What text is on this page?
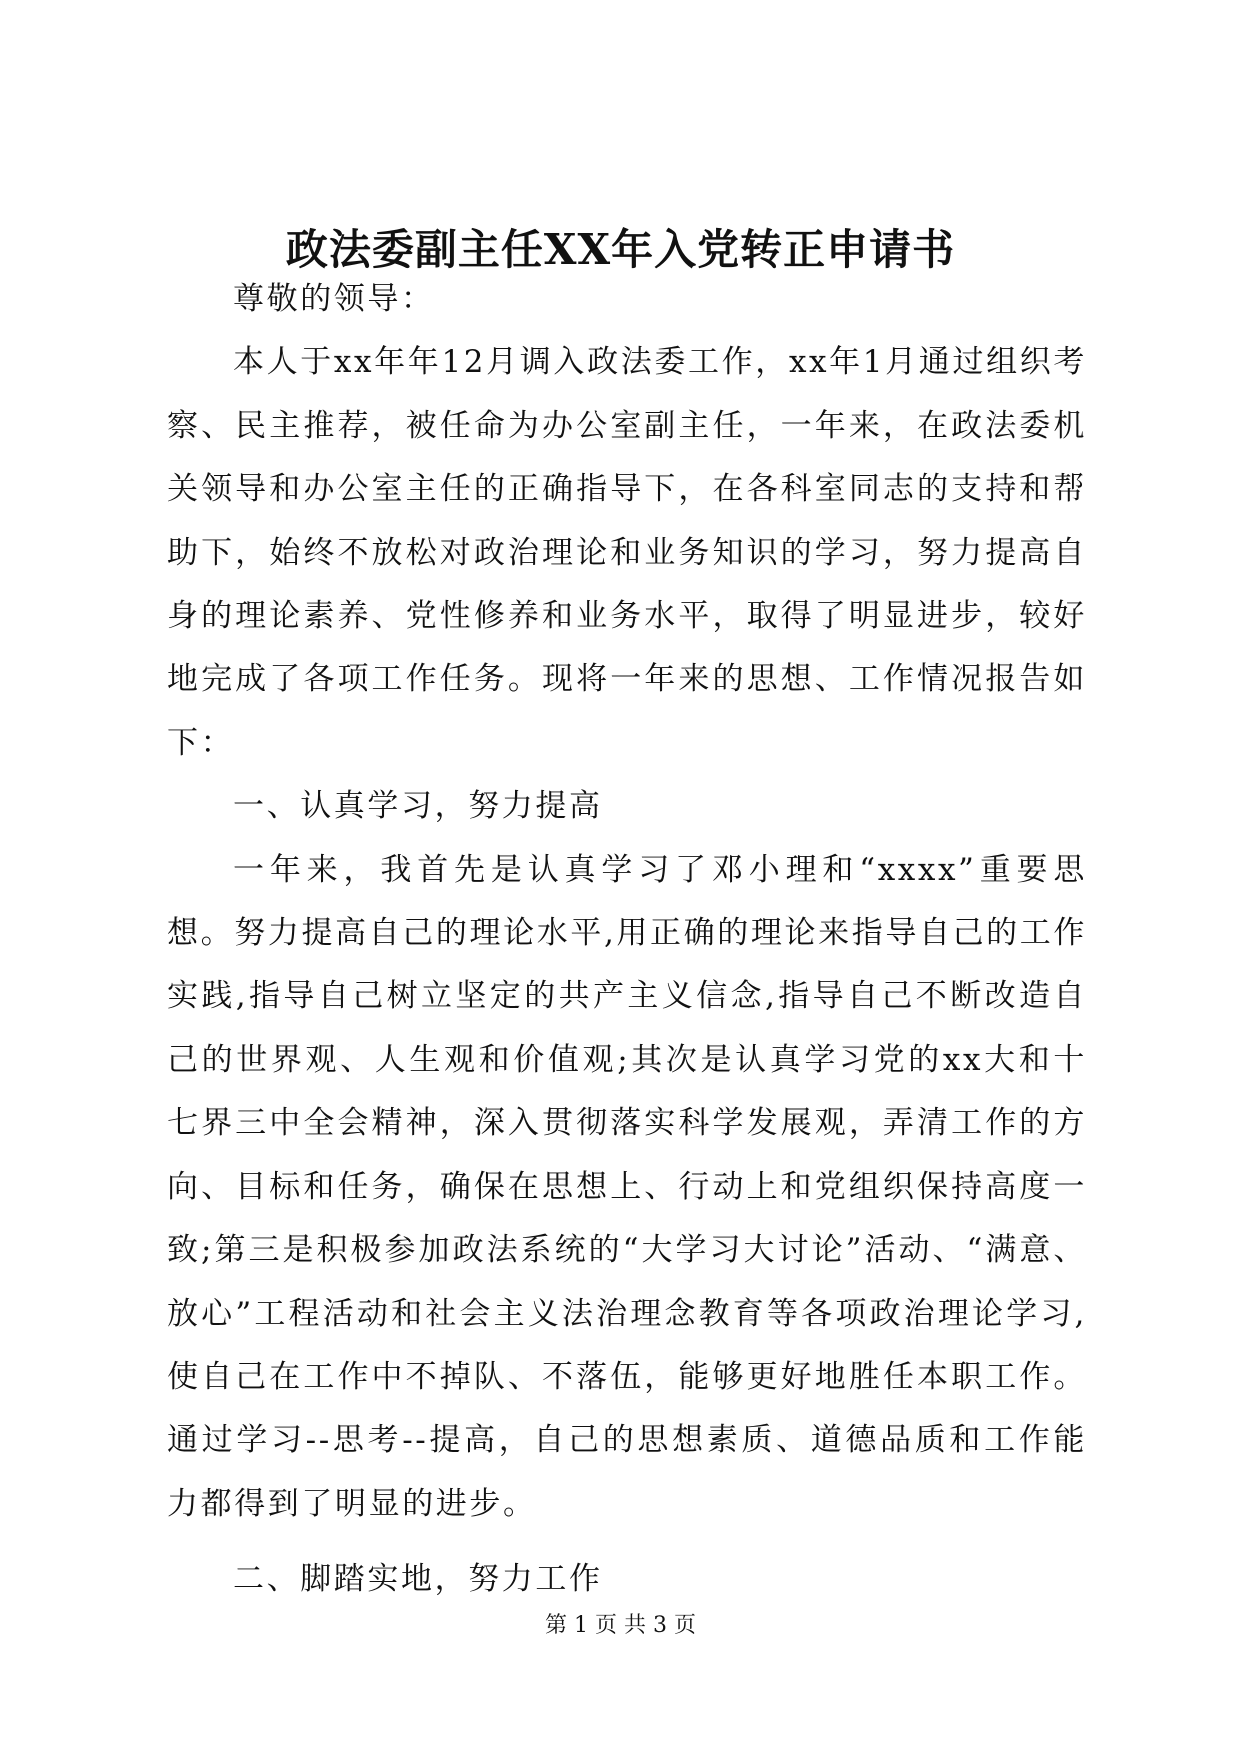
政法委副主任XX年入党转正申请书

尊敬的领导：

本人于xx年年12月调入政法委工作，xx年1月通过组织考察、民主推荐，被任命为办公室副主任，一年来，在政法委机关领导和办公室主任的正确指导下，在各科室同志的支持和帮助下，始终不放松对政治理论和业务知识的学习，努力提高自身的理论素养、党性修养和业务水平，取得了明显进步，较好地完成了各项工作任务。现将一年来的思想、工作情况报告如下：

一、认真学习，努力提高

一年来，我首先是认真学习了邓小理和“xxxx”重要思想。努力提高自己的理论水平,用正确的理论来指导自己的工作实践,指导自己树立坚定的共产主义信念,指导自己不断改造自己的世界观、人生观和价值观;其次是认真学习党的xx大和十七界三中全会精神，深入贯彻落实科学发展观，弄清工作的方向、目标和任务，确保在思想上、行动上和党组织保持高度一致;第三是积极参加政法系统的“大学习大讨论”活动、“满意、放心”工程活动和社会主义法治理念教育等各项政治理论学习,使自己在工作中不掉队、不落伍，能够更好地胜任本职工作。通过学习--思考--提高，自己的思想素质、道德品质和工作能力都得到了明显的进步。

二、脚踏实地，努力工作

第 1 页 共 3 页
